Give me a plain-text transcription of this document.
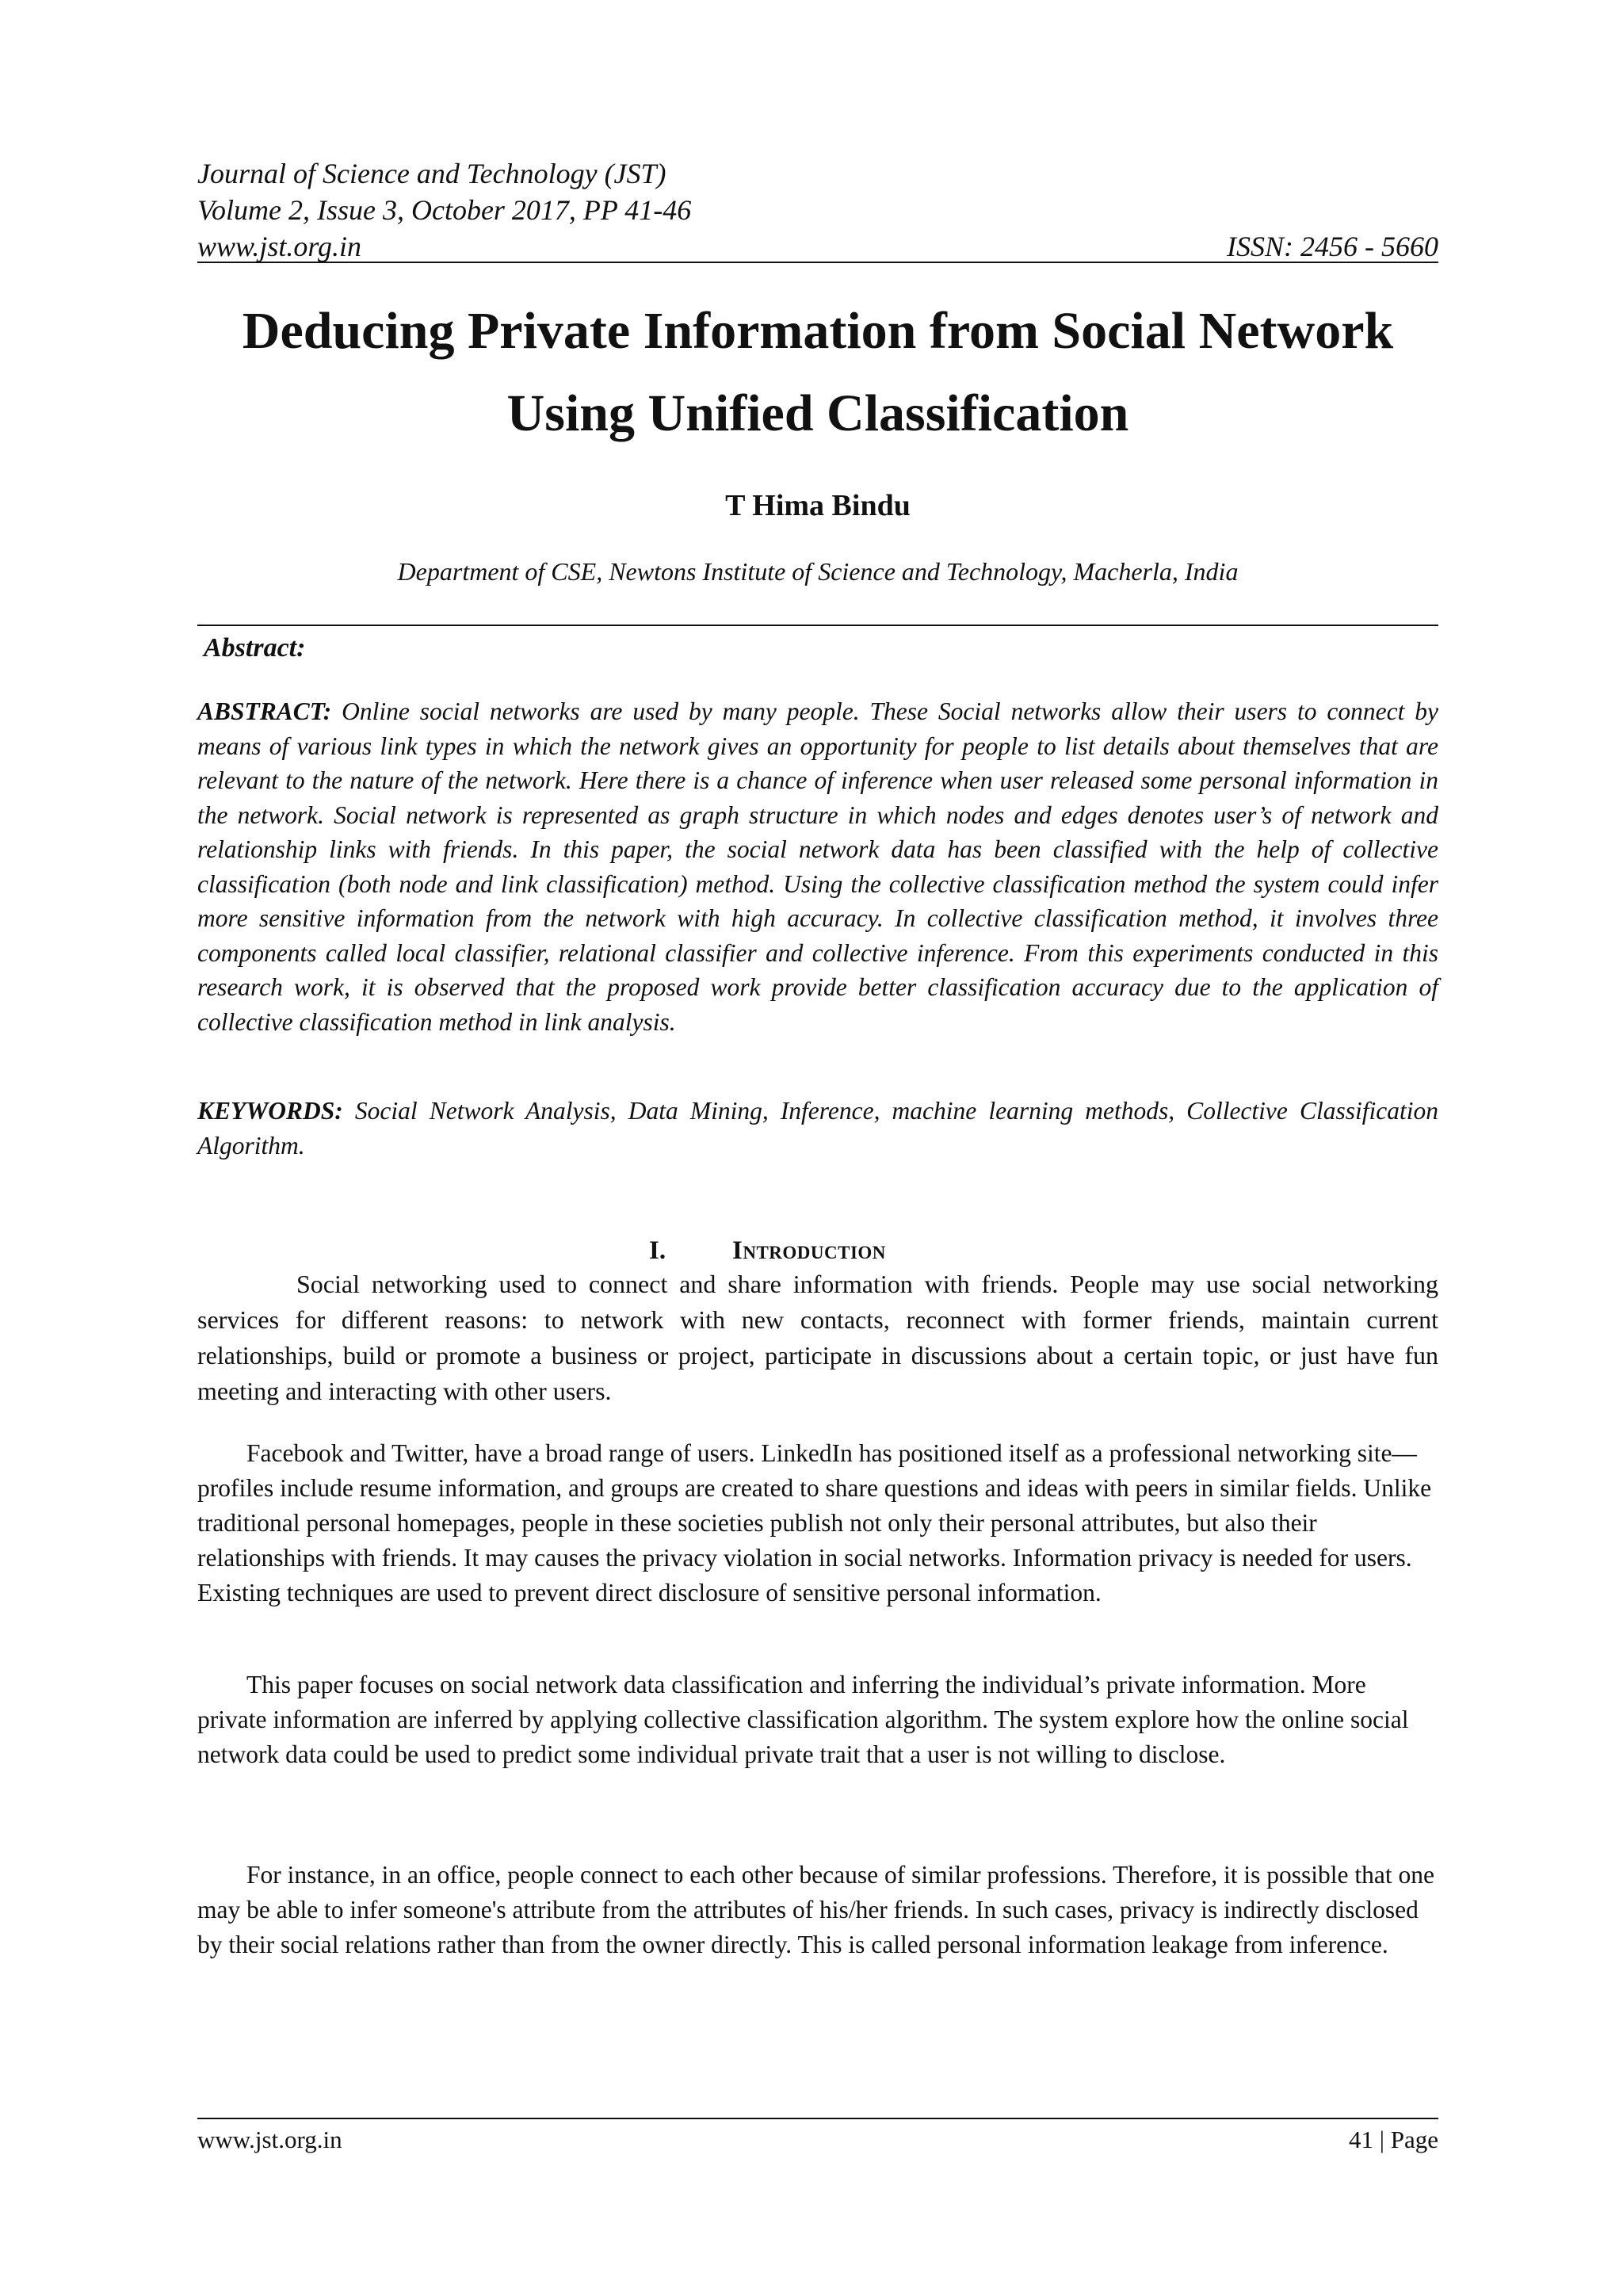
Journal of Science and Technology (JST)
Volume 2, Issue 3, October 2017, PP 41-46
www.jst.org.in	ISSN: 2456 - 5660
Deducing Private Information from Social Network
Using Unified Classification
T Hima Bindu
Department of CSE, Newtons Institute of Science and Technology, Macherla, India
Abstract:
ABSTRACT: Online social networks are used by many people. These Social networks allow their users to connect by means of various link types in which the network gives an opportunity for people to list details about themselves that are relevant to the nature of the network. Here there is a chance of inference when user released some personal information in the network. Social network is represented as graph structure in which nodes and edges denotes user’s of network and relationship links with friends. In this paper, the social network data has been classified with the help of collective classification (both node and link classification) method. Using the collective classification method the system could infer more sensitive information from the network with high accuracy. In collective classification method, it involves three components called local classifier, relational classifier and collective inference. From this experiments conducted in this research work, it is observed that the proposed work provide better classification accuracy due to the application of collective classification method in link analysis.
KEYWORDS: Social Network Analysis, Data Mining, Inference, machine learning methods, Collective Classification Algorithm.
I.	Introduction
Social networking used to connect and share information with friends. People may use social networking services for different reasons: to network with new contacts, reconnect with former friends, maintain current relationships, build or promote a business or project, participate in discussions about a certain topic, or just have fun meeting and interacting with other users.
Facebook and Twitter, have a broad range of users. LinkedIn has positioned itself as a professional networking site— profiles include resume information, and groups are created to share questions and ideas with peers in similar fields. Unlike traditional personal homepages, people in these societies publish not only their personal attributes, but also their relationships with friends. It may causes the privacy violation in social networks. Information privacy is needed for users. Existing techniques are used to prevent direct disclosure of sensitive personal information.
This paper focuses on social network data classification and inferring the individual’s private information. More private information are inferred by applying collective classification algorithm. The system explore how the online social network data could be used to predict some individual private trait that a user is not willing to disclose.
For instance, in an office, people connect to each other because of similar professions. Therefore, it is possible that one may be able to infer someone's attribute from the attributes of his/her friends. In such cases, privacy is indirectly disclosed by their social relations rather than from the owner directly. This is called personal information leakage from inference.
www.jst.org.in	41 | Page
